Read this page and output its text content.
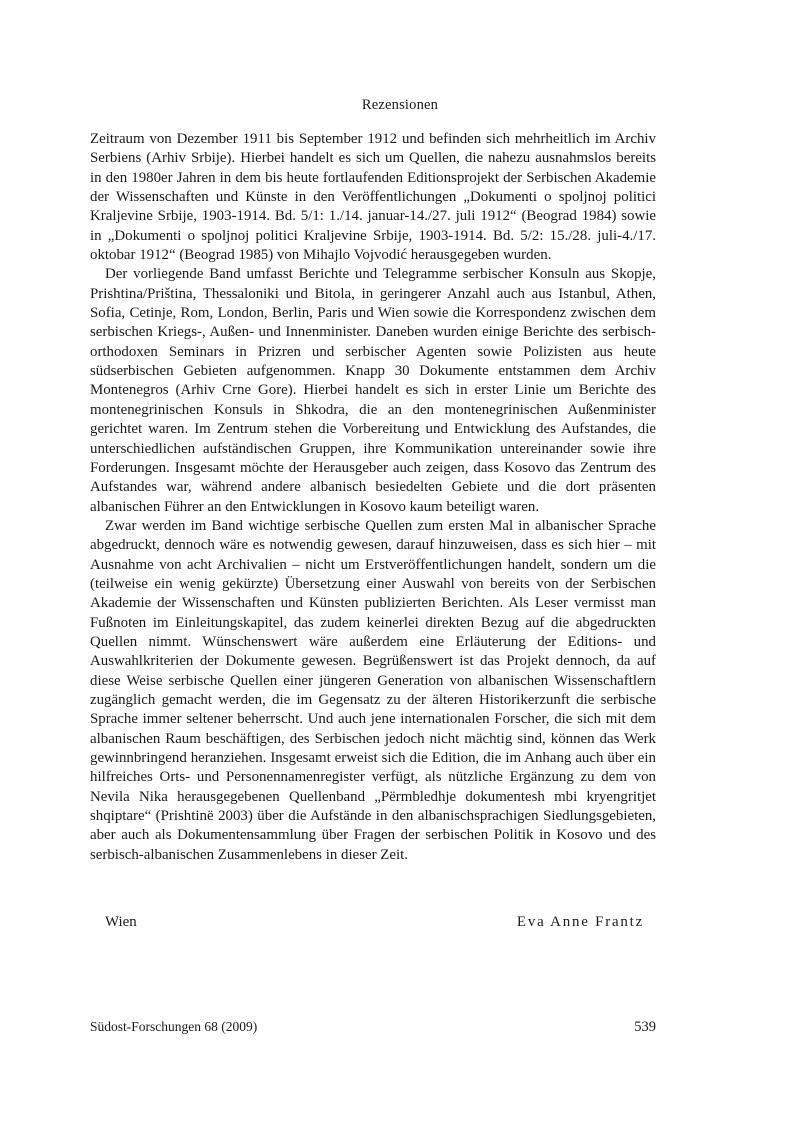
Rezensionen

Zeitraum von Dezember 1911 bis September 1912 und befinden sich mehrheitlich im Archiv Serbiens (Arhiv Srbije). Hierbei handelt es sich um Quellen, die nahezu ausnahmslos bereits in den 1980er Jahren in dem bis heute fortlaufenden Editionsprojekt der Serbischen Akademie der Wissenschaften und Künste in den Veröffentlichungen „Dokumenti o spoljnoj politici Kraljevine Srbije, 1903-1914. Bd. 5/1: 1./14. januar-14./27. juli 1912“ (Beograd 1984) sowie in „Dokumenti o spoljnoj politici Kraljevine Srbije, 1903-1914. Bd. 5/2: 15./28. juli-4./17. oktobar 1912“ (Beograd 1985) von Mihajlo Vojvodić herausgegeben wurden.

Der vorliegende Band umfasst Berichte und Telegramme serbischer Konsuln aus Skopje, Prishtina/Priština, Thessaloniki und Bitola, in geringerer Anzahl auch aus Istanbul, Athen, Sofia, Cetinje, Rom, London, Berlin, Paris und Wien sowie die Korrespondenz zwischen dem serbischen Kriegs-, Außen- und Innenminister. Daneben wurden einige Berichte des serbisch-orthodoxen Seminars in Prizren und serbischer Agenten sowie Polizisten aus heute südserbischen Gebieten aufgenommen. Knapp 30 Dokumente entstammen dem Archiv Montenegros (Arhiv Crne Gore). Hierbei handelt es sich in erster Linie um Berichte des montenegrinischen Konsuls in Shkodra, die an den montenegrinischen Außenminister gerichtet waren. Im Zentrum stehen die Vorbereitung und Entwicklung des Aufstandes, die unterschiedlichen aufständischen Gruppen, ihre Kommunikation untereinander sowie ihre Forderungen. Insgesamt möchte der Herausgeber auch zeigen, dass Kosovo das Zentrum des Aufstandes war, während andere albanisch besiedelten Gebiete und die dort präsenten albanischen Führer an den Entwicklungen in Kosovo kaum beteiligt waren.

Zwar werden im Band wichtige serbische Quellen zum ersten Mal in albanischer Sprache abgedruckt, dennoch wäre es notwendig gewesen, darauf hinzuweisen, dass es sich hier – mit Ausnahme von acht Archivalien – nicht um Erstveröffentlichungen handelt, sondern um die (teilweise ein wenig gekürzte) Übersetzung einer Auswahl von bereits von der Serbischen Akademie der Wissenschaften und Künsten publizierten Berichten. Als Leser vermisst man Fußnoten im Einleitungskapitel, das zudem keinerlei direkten Bezug auf die abgedruckten Quellen nimmt. Wünschenswert wäre außerdem eine Erläuterung der Editions- und Auswahlkriterien der Dokumente gewesen. Begrüßenswert ist das Projekt dennoch, da auf diese Weise serbische Quellen einer jüngeren Generation von albanischen Wissenschaftlern zugänglich gemacht werden, die im Gegensatz zu der älteren Historikerzunft die serbische Sprache immer seltener beherrscht. Und auch jene internationalen Forscher, die sich mit dem albanischen Raum beschäftigen, des Serbischen jedoch nicht mächtig sind, können das Werk gewinnbringend heranziehen. Insgesamt erweist sich die Edition, die im Anhang auch über ein hilfreiches Orts- und Personennamenregister verfügt, als nützliche Ergänzung zu dem von Nevila Nika herausgegebenen Quellenband „Përmbledhje dokumentesh mbi kryengritjet shqiptare“ (Prishtinë 2003) über die Aufstände in den albanischsprachigen Siedlungsgebieten, aber auch als Dokumentensammlung über Fragen der serbischen Politik in Kosovo und des serbisch-albanischen Zusammenlebens in dieser Zeit.

Wien	Eva Anne Frantz
Südost-Forschungen 68 (2009)	539
